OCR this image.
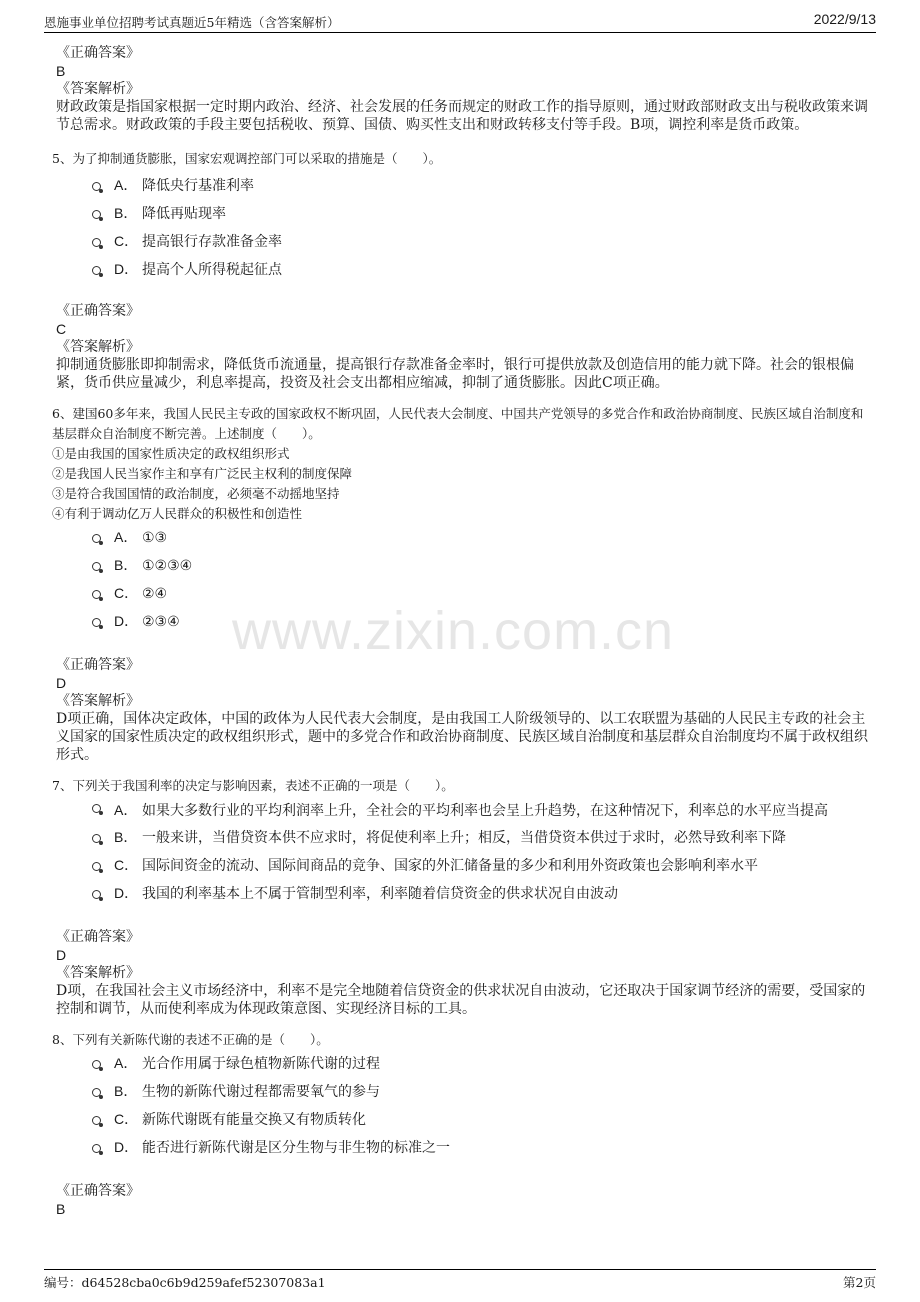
恩施事业单位招聘考试真题近5年精选（含答案解析）	2022/9/13
www.zixin.com.cn
《正确答案》
B
《答案解析》
财政政策是指国家根据一定时期内政治、经济、社会发展的任务而规定的财政工作的指导原则，通过财政部财政支出与税收政策来调节总需求。财政政策的手段主要包括税收、预算、国债、购买性支出和财政转移支付等手段。B项，调控利率是货币政策。
5、为了抑制通货膨胀，国家宏观调控部门可以采取的措施是（　　）。
A． 降低央行基准利率
B． 降低再贴现率
C． 提高银行存款准备金率
D． 提高个人所得税起征点
《正确答案》
C
《答案解析》
抑制通货膨胀即抑制需求，降低货币流通量，提高银行存款准备金率时，银行可提供放款及创造信用的能力就下降。社会的银根偏紧，货币供应量减少，利息率提高，投资及社会支出都相应缩减，抑制了通货膨胀。因此C项正确。
6、建国60多年来，我国人民民主专政的国家政权不断巩固，人民代表大会制度、中国共产党领导的多党合作和政治协商制度、民族区域自治制度和基层群众自治制度不断完善。上述制度（　　）。
①是由我国的国家性质决定的政权组织形式
②是我国人民当家作主和享有广泛民主权利的制度保障
③是符合我国国情的政治制度，必须毫不动摇地坚持
④有利于调动亿万人民群众的积极性和创造性
A． ①③
B． ①②③④
C． ②④
D． ②③④
《正确答案》
D
《答案解析》
D项正确，国体决定政体，中国的政体为人民代表大会制度，是由我国工人阶级领导的、以工农联盟为基础的人民民主专政的社会主义国家的国家性质决定的政权组织形式，题中的多党合作和政治协商制度、民族区域自治制度和基层群众自治制度均不属于政权组织形式。
7、下列关于我国利率的决定与影响因素，表述不正确的一项是（　　）。
A． 如果大多数行业的平均利润率上升，全社会的平均利率也会呈上升趋势，在这种情况下，利率总的水平应当提高
B． 一般来讲，当借贷资本供不应求时，将促使利率上升；相反，当借贷资本供过于求时，必然导致利率下降
C． 国际间资金的流动、国际间商品的竞争、国家的外汇储备量的多少和利用外资政策也会影响利率水平
D． 我国的利率基本上不属于管制型利率，利率随着信贷资金的供求状况自由波动
《正确答案》
D
《答案解析》
D项，在我国社会主义市场经济中，利率不是完全地随着信贷资金的供求状况自由波动，它还取决于国家调节经济的需要，受国家的控制和调节，从而使利率成为体现政策意图、实现经济目标的工具。
8、下列有关新陈代谢的表述不正确的是（　　）。
A． 光合作用属于绿色植物新陈代谢的过程
B． 生物的新陈代谢过程都需要氧气的参与
C． 新陈代谢既有能量交换又有物质转化
D． 能否进行新陈代谢是区分生物与非生物的标准之一
《正确答案》
B
编号：d64528cba0c6b9d259afef52307083a1	第2页
